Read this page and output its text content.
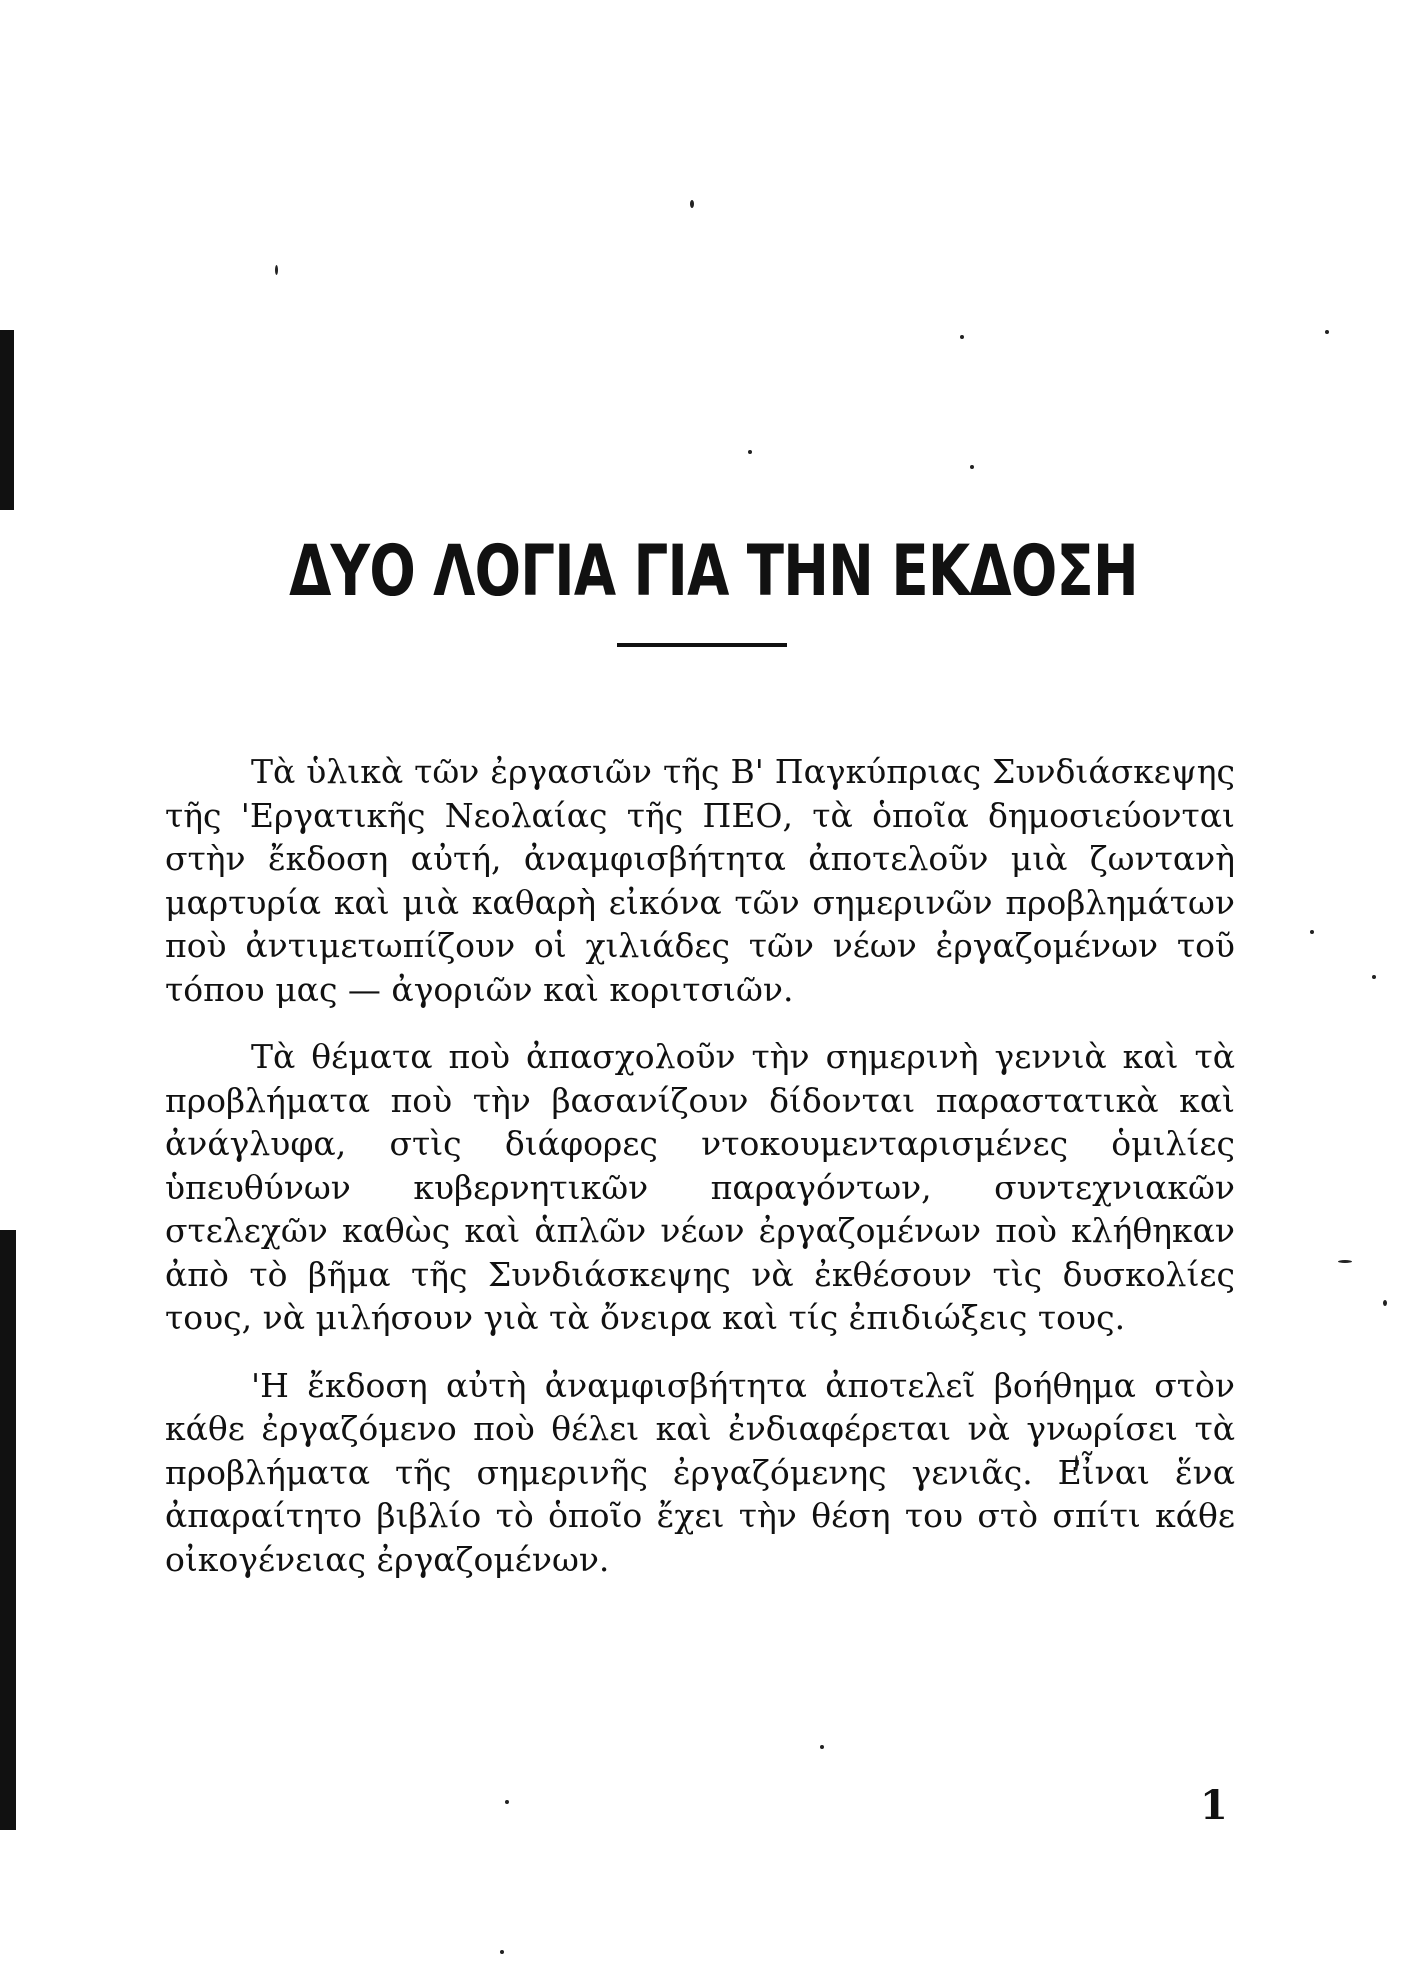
ΔΥΟ ΛΟΓΙΑ ΓΙΑ ΤΗΝ ΕΚΔΟΣΗ

Τὰ ὑλικὰ τῶν ἐργασιῶν τῆς Β' Παγκύπριας Συνδιάσκεψης τῆς 'Εργατικῆς Νεολαίας τῆς ΠΕΟ, τὰ ὁποῖα δημοσιεύονται στὴν ἔκδοση αὐτή, ἀναμφισβήτητα ἀποτελοῦν μιὰ ζωντανὴ μαρτυρία καὶ μιὰ καθαρὴ εἰκόνα τῶν σημερινῶν προβλημάτων ποὺ ἀντιμετωπίζουν οἱ χιλιάδες τῶν νέων ἐργαζομένων τοῦ τόπου μας — ἀγοριῶν καὶ κοριτσιῶν.

Τὰ θέματα ποὺ ἀπασχολοῦν τὴν σημερινὴ γεννιὰ καὶ τὰ προβλήματα ποὺ τὴν βασανίζουν δίδονται παραστατικὰ καὶ ἀνάγλυφα, στὶς διάφορες ντοκουμενταρισμένες ὁμιλίες ὑπευθύνων κυβερνητικῶν παραγόντων, συντεχνιακῶν στελεχῶν καθὼς καὶ ἁπλῶν νέων ἐργαζομένων ποὺ κλήθηκαν ἀπὸ τὸ βῆμα τῆς Συνδιάσκεψης νὰ ἐκθέσουν τὶς δυσκολίες τους, νὰ μιλήσουν γιὰ τὰ ὄνειρα καὶ τίς ἐπιδιώξεις τους.

'Η ἔκδοση αὐτὴ ἀναμφισβήτητα ἀποτελεῖ βοήθημα στὸν κάθε ἐργαζόμενο ποὺ θέλει καὶ ἐνδιαφέρεται νὰ γνωρίσει τὰ προβλήματα τῆς σημερινῆς ἐργαζόμενης γενιᾶς. Εἶναι ἕνα ἀπαραίτητο βιβλίο τὸ ὁποῖο ἔχει τὴν θέση του στὸ σπίτι κάθε οἰκογένειας ἐργαζομένων.

1
